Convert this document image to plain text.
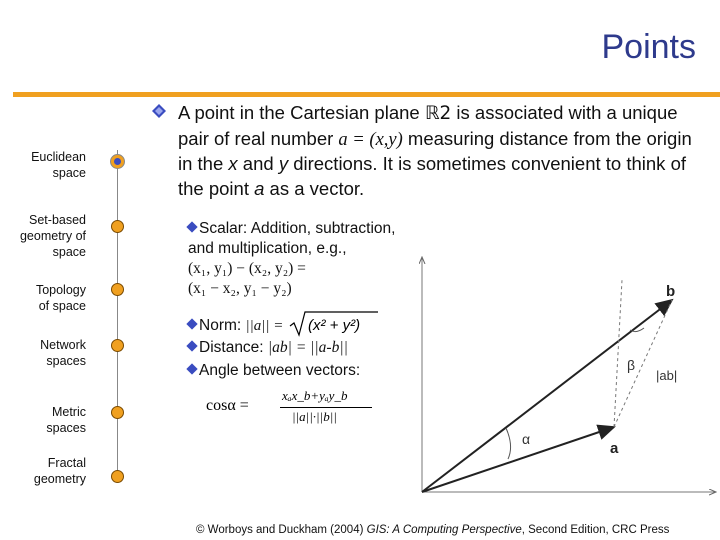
Points
Euclidean
space
Set-based
geometry of
space
Topology
of space
Network
spaces
Metric
spaces
Fractal
geometry
A point in the Cartesian plane ℝ2 is associated with a unique pair of real number a = (x,y) measuring distance from the origin in the x and y directions. It is sometimes convenient to think of the point a as a vector.
Scalar: Addition, subtraction,
and multiplication, e.g.,
(x₁, y₁) − (x₂, y₂) =
(x₁ − x₂, y₁ − y₂)
Norm: ||a|| = (x² + y²)
Distance: |ab| = ||a-b||
Angle between vectors:
cosα =
xₐx_b+yₐy_b
||a||·||b||
b
a
β
α
|ab|
© Worboys and Duckham (2004) GIS: A Computing Perspective, Second Edition, CRC Press
